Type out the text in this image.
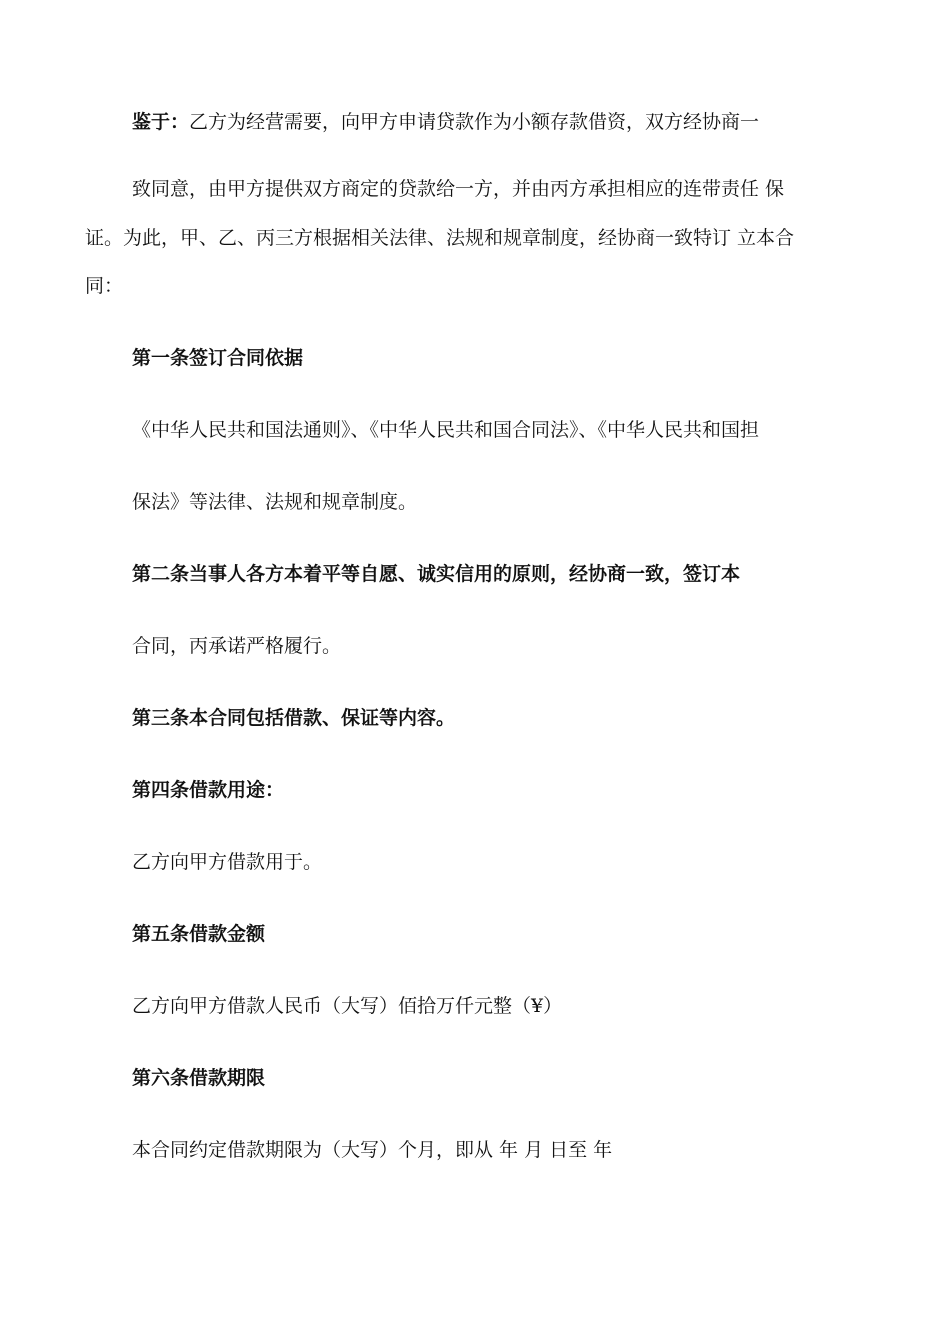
鉴于：乙方为经营需要，向甲方申请贷款作为小额存款借资，双方经协商一
致同意，由甲方提供双方商定的贷款给一方，并由丙方承担相应的连带责任 保
证。为此，甲、乙、丙三方根据相关法律、法规和规章制度，经协商一致特订 立本合
同：
第一条签订合同依据
《中华人民共和国法通则》、《中华人民共和国合同法》、《中华人民共和国担
保法》等法律、法规和规章制度。
第二条当事人各方本着平等自愿、诚实信用的原则，经协商一致，签订本
合同，丙承诺严格履行。
第三条本合同包括借款、保证等内容。
第四条借款用途：
乙方向甲方借款用于。
第五条借款金额
乙方向甲方借款人民币（大写）佰拾万仟元整（¥）
第六条借款期限
本合同约定借款期限为（大写）个月，即从 年 月 日至 年
